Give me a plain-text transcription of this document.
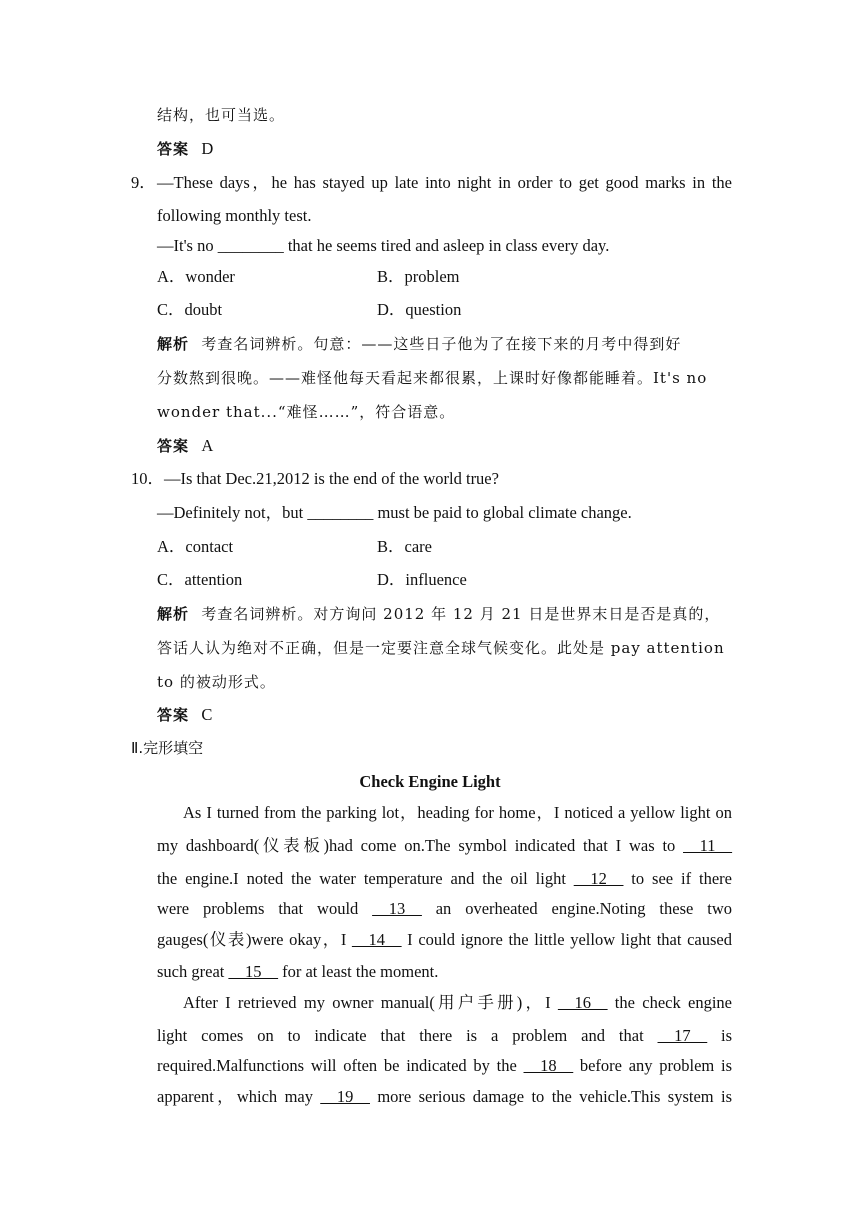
结构，也可当选。
答案 D
9． —These days，he has stayed up late into night in order to get good marks in the
following monthly test.
—It's no ________ that he seems tired and asleep in class every day.
A．wonder	B．problem
C．doubt	D．question
解析 考查名词辨析。句意：——这些日子他为了在接下来的月考中得到好
分数熬到很晚。——难怪他每天看起来都很累，上课时好像都能睡着。It's no
wonder that...“难怪……”，符合语意。
答案 A
10．—Is that Dec.21,2012 is the end of the world true?
—Definitely not，but ________ must be paid to global climate change.
A．contact	B．care
C．attention	D．influence
解析 考查名词辨析。对方询问 2012 年 12 月 21 日是世界末日是否是真的，
答话人认为绝对不正确，但是一定要注意全球气候变化。此处是 pay attention
to 的被动形式。
答案 C
Ⅱ.完形填空
Check Engine Light
As I turned from the parking lot，heading for home，I noticed a yellow light on
my dashboard(仪表板)had come on.The symbol indicated that I was to __11__
the engine.I noted the water temperature and the oil light __12__ to see if there
were problems that would __13__ an overheated engine.Noting these two
gauges(仪表)were okay，I __14__ I could ignore the little yellow light that caused
such great __15__ for at least the moment.
After I retrieved my owner manual(用户手册)，I __16__ the check engine
light comes on to indicate that there is a problem and that __17__ is
required.Malfunctions will often be indicated by the __18__ before any problem is
apparent，which may __19__ more serious damage to the vehicle.This system is
